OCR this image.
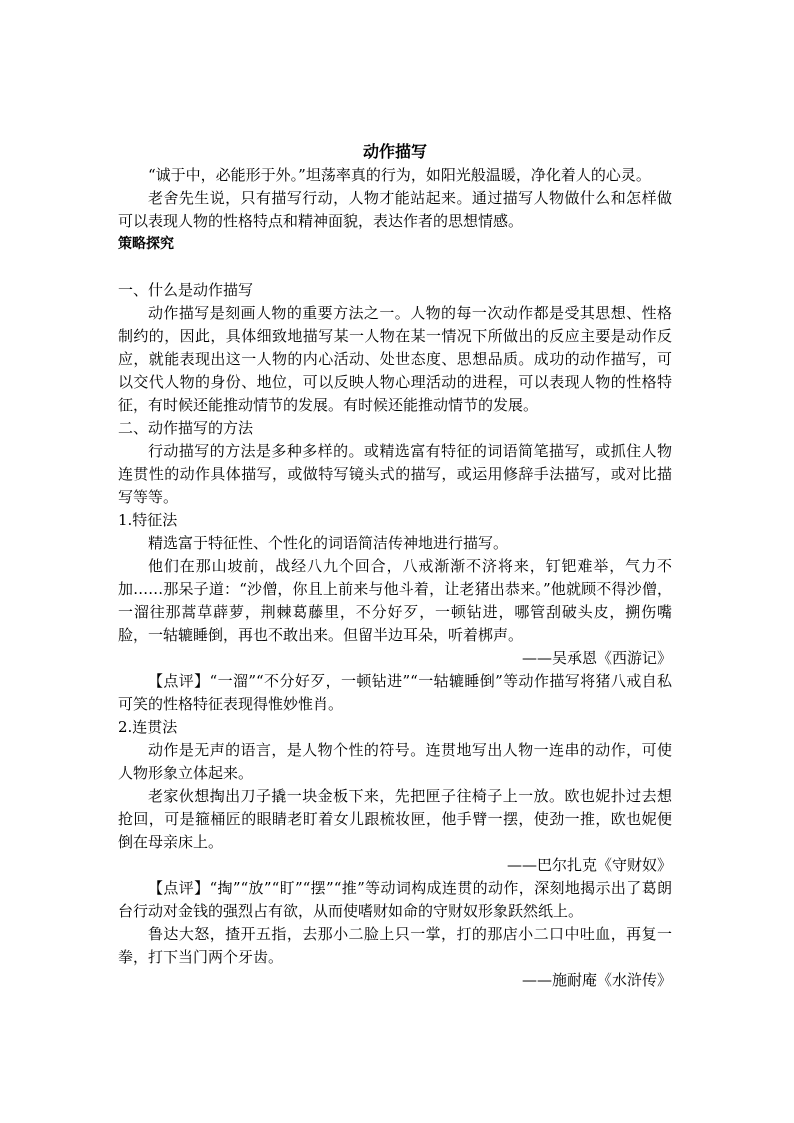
动作描写

“诚于中，必能形于外。”坦荡率真的行为，如阳光般温暖，净化着人的心灵。

老舍先生说，只有描写行动，人物才能站起来。通过描写人物做什么和怎样做可以表现人物的性格特点和精神面貌，表达作者的思想情感。

策略探究

一、什么是动作描写

动作描写是刻画人物的重要方法之一。人物的每一次动作都是受其思想、性格制约的，因此，具体细致地描写某一人物在某一情况下所做出的反应主要是动作反应，就能表现出这一人物的内心活动、处世态度、思想品质。成功的动作描写，可以交代人物的身份、地位，可以反映人物心理活动的进程，可以表现人物的性格特征，有时候还能推动情节的发展。有时候还能推动情节的发展。

二、动作描写的方法

行动描写的方法是多种多样的。或精选富有特征的词语简笔描写，或抓住人物连贯性的动作具体描写，或做特写镜头式的描写，或运用修辞手法描写，或对比描写等等。

1.特征法

精选富于特征性、个性化的词语简洁传神地进行描写。

他们在那山坡前，战经八九个回合，八戒渐渐不济将来，钉钯难举，气力不加……那呆子道：“沙僧，你且上前来与他斗着，让老猪出恭来。”他就顾不得沙僧，一溜往那蒿草薜萝，荆棘葛藤里，不分好歹，一顿钻进，哪管刮破头皮，搠伤嘴脸，一轱辘睡倒，再也不敢出来。但留半边耳朵，听着梆声。

——吴承恩《西游记》

【点评】“一溜”“不分好歹，一顿钻进”“一轱辘睡倒”等动作描写将猪八戒自私可笑的性格特征表现得惟妙惟肖。

2.连贯法

动作是无声的语言，是人物个性的符号。连贯地写出人物一连串的动作，可使人物形象立体起来。

老家伙想掏出刀子撬一块金板下来，先把匣子往椅子上一放。欧也妮扑过去想抢回，可是箍桶匠的眼睛老盯着女儿跟梳妆匣，他手臂一摆，使劲一推，欧也妮便倒在母亲床上。

——巴尔扎克《守财奴》

【点评】“掏”“放”“盯”“摆”“推”等动词构成连贯的动作，深刻地揭示出了葛朗台行动对金钱的强烈占有欲，从而使嗜财如命的守财奴形象跃然纸上。

鲁达大怒，揸开五指，去那小二脸上只一掌，打的那店小二口中吐血，再复一拳，打下当门两个牙齿。

——施耐庵《水浒传》
